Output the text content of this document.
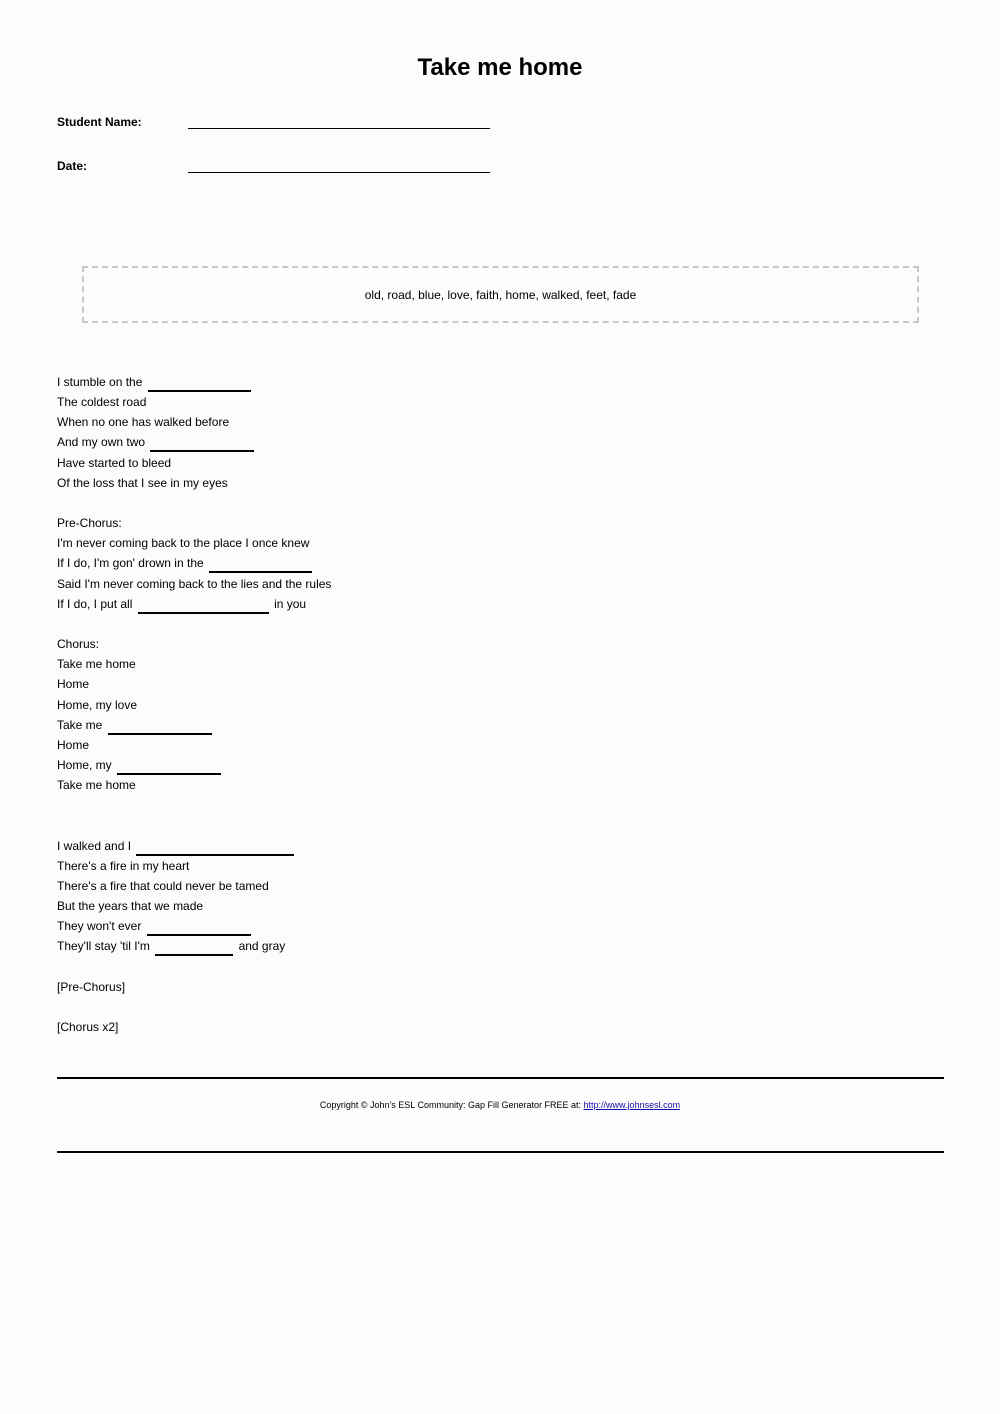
Take me home
Student Name:
Date:
old, road, blue, love, faith, home, walked, feet, fade
I stumble on the
The coldest road
When no one has walked before
And my own two
Have started to bleed
Of the loss that I see in my eyes
Pre-Chorus:
I'm never coming back to the place I once knew
If I do, I'm gon' drown in the
Said I'm never coming back to the lies and the rules
If I do, I put all	in you
Chorus:
Take me home
Home
Home, my love
Take me
Home
Home, my
Take me home
I walked and I
There's a fire in my heart
There's a fire that could never be tamed
But the years that we made
They won't ever
They'll stay 'til I'm	and gray
[Pre-Chorus]
[Chorus x2]
Copyright © John's ESL Community: Gap Fill Generator FREE at: http://www.johnsesl.com
